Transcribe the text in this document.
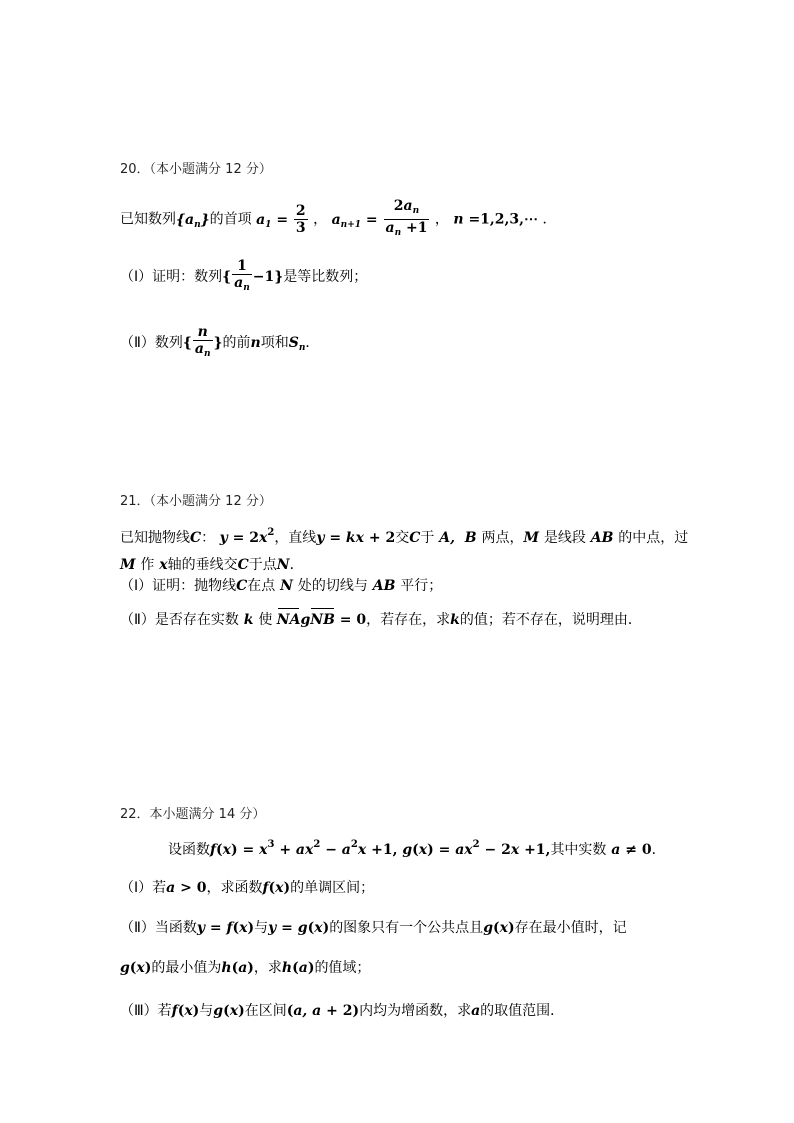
20．（本小题满分 12 分）
已知数列$\{a_n\}$的首项 $a_1 = \frac{2}{3}$ ， $a_{n+1} = \frac{2a_n}{a_n +1}$ ， n =1,2,3,⋯ ．
（Ⅰ）证明：数列{ $\frac{1}{a_n} -1$}是等比数列；
（Ⅱ）数列{ $\frac{n}{a_n}$ }的前n项和$S_n$．
21．（本小题满分 12 分）
已知抛物线C： $y = 2x^2$，直线y = kx + 2交C于 A,  B 两点，M 是线段 AB 的中点，过
M 作 x轴的垂线交C于点N．
（Ⅰ）证明：抛物线C在点 N 处的切线与 AB 平行；
（Ⅱ）是否存在实数 k 使 NAgNB = 0，若存在，求k的值；若不存在，说明理由．
22．本小题满分 14 分）
设函数$f(x) = x^3 + ax^2 - a^2x +1$, $g(x) = ax^2 - 2x +1$,其中实数 a ≠ 0．
（Ⅰ）若a > 0，求函数f(x)的单调区间；
（Ⅱ）当函数y = f(x)与y = g(x)的图象只有一个公共点且g(x)存在最小值时，记
g(x)的最小值为h(a)，求h(a)的值域；
（Ⅲ）若f(x)与g(x)在区间(a, a + 2)内均为增函数，求a的取值范围．
